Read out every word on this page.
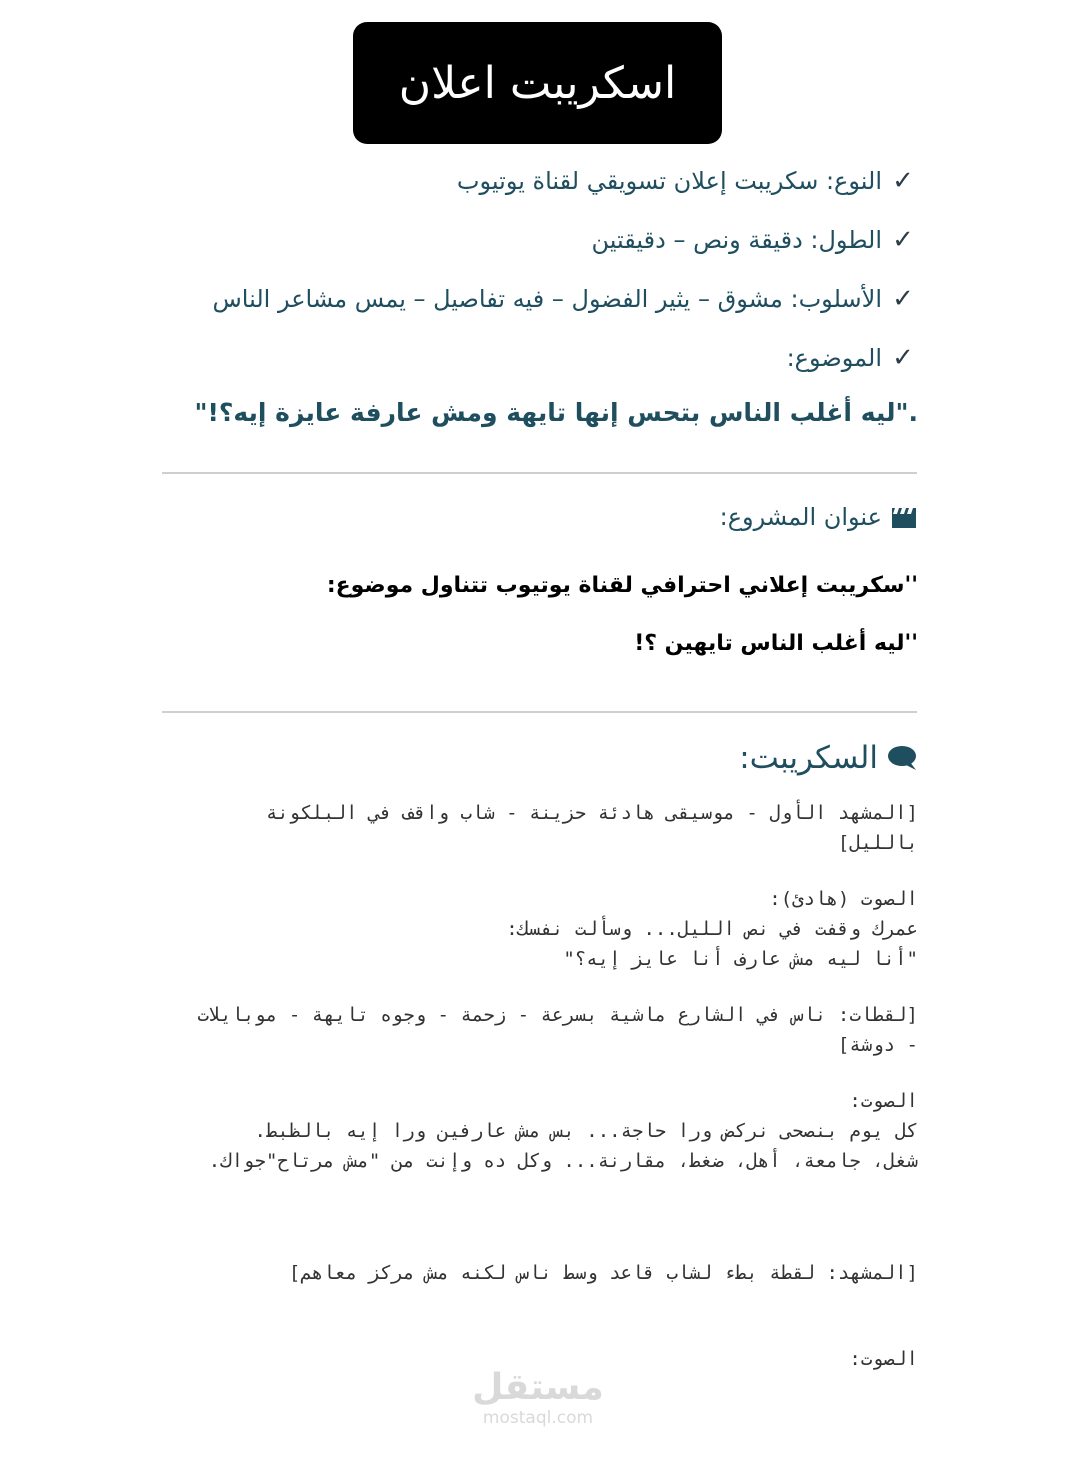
اسكريبت اعلان
✓
النوع: سكريبت إعلان تسويقي لقناة يوتيوب
✓
الطول: دقيقة ونص – دقيقتين
✓
الأسلوب: مشوق – يثير الفضول – فيه تفاصيل – يمس مشاعر الناس
✓
الموضوع:
."ليه أغلب الناس بتحس إنها تايهة ومش عارفة عايزة إيه؟!"
عنوان المشروع:
''سكريبت إعلاني احترافي لقناة يوتيوب تتناول موضوع:
''ليه أغلب الناس تايهين ؟!
السكريبت:
[المشهد الأول - موسيقى هادئة حزينة - شاب واقف في البلكونة بالليل]
الصوت (هادئ):
عمرك وقفت في نص الليل... وسألت نفسك:
"أنا ليه مش عارف أنا عايز إيه؟"
[لقطات: ناس في الشارع ماشية بسرعة - زحمة - وجوه تايهة - موبايلات - دوشة]
الصوت:
كل يوم بنصحى نركض ورا حاجة... بس مش عارفين ورا إيه بالظبط.
شغل، جامعة، أهل، ضغط، مقارنة... وكل ده وإنت من "مش مرتاح"جواك.
[المشهد: لقطة بطء لشاب قاعد وسط ناس لكنه مش مركز معاهم]
الصوت:
مستقل
mostaql.com
